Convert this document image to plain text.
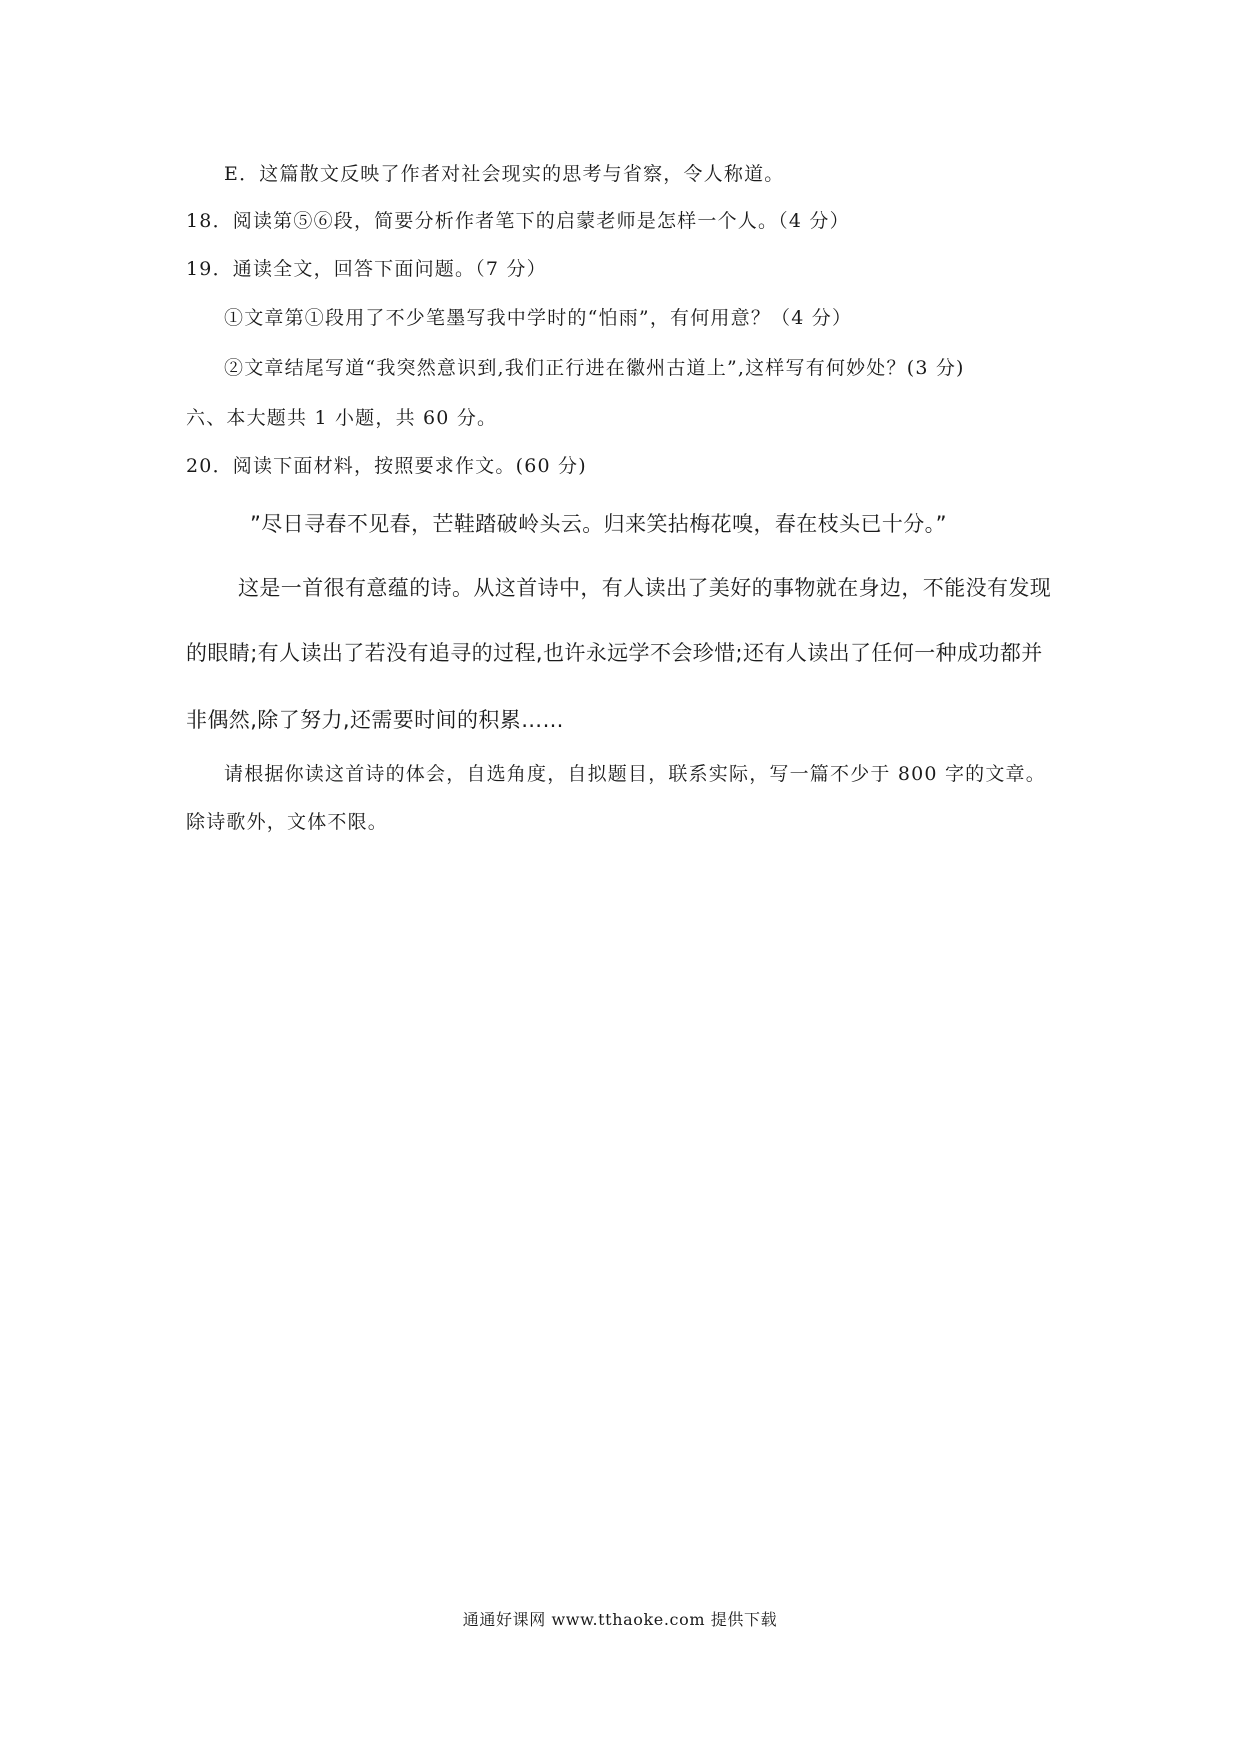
E．这篇散文反映了作者对社会现实的思考与省察，令人称道。
18．阅读第⑤⑥段，简要分析作者笔下的启蒙老师是怎样一个人。（4 分）
19．通读全文，回答下面问题。（7 分）
①文章第①段用了不少笔墨写我中学时的“怕雨”，有何用意？（4 分）
②文章结尾写道“我突然意识到,我们正行进在徽州古道上”,这样写有何妙处？(3 分)
六、本大题共 1 小题，共 60 分。
20．阅读下面材料，按照要求作文。(60 分)
”尽日寻春不见春，芒鞋踏破岭头云。归来笑拈梅花嗅，春在枝头已十分。”
这是一首很有意蕴的诗。从这首诗中，有人读出了美好的事物就在身边，不能没有发现
的眼睛;有人读出了若没有追寻的过程,也许永远学不会珍惜;还有人读出了任何一种成功都并
非偶然,除了努力,还需要时间的积累……
请根据你读这首诗的体会，自选角度，自拟题目，联系实际，写一篇不少于 800 字的文章。
除诗歌外，文体不限。
通通好课网 www.tthaoke.com 提供下载
